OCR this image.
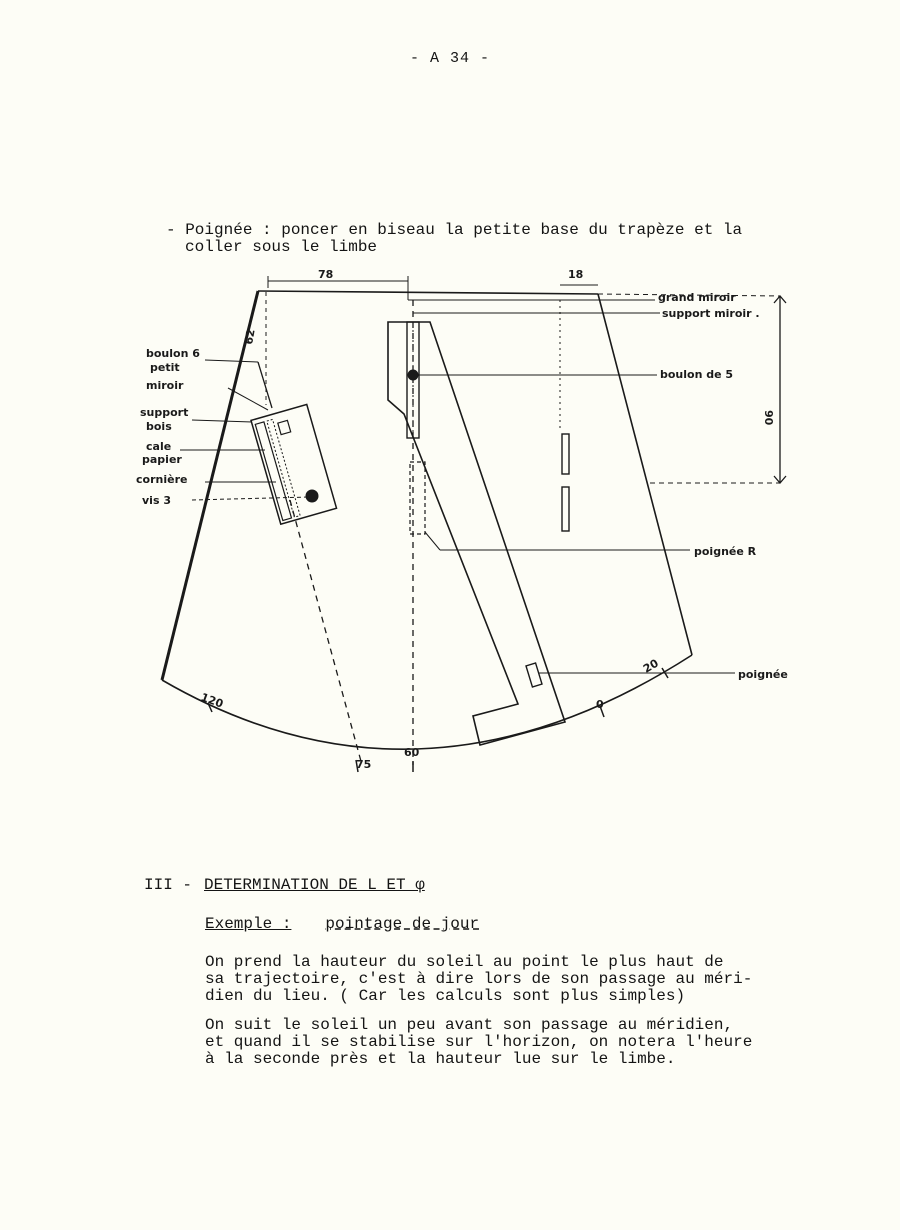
- A 34 -
- Poignée : poncer en biseau la petite base du trapèze et la
coller sous le limbe
78	18
90
62
boulon 6
petit
miroir
support
bois
cale
papier
cornière
vis 3
grand miroir
support miroir .
boulon de 5
poignée R
poignée
120
75
60
20
0
III - DETERMINATION DE L ET φ
Exemple : pointage de jour
On prend la hauteur du soleil au point le plus haut de
sa trajectoire, c'est à dire lors de son passage au méri-
dien du lieu. ( Car les calculs sont plus simples)
On suit le soleil un peu avant son passage au méridien,
et quand il se stabilise sur l'horizon, on notera l'heure
à la seconde près et la hauteur lue sur le limbe.
